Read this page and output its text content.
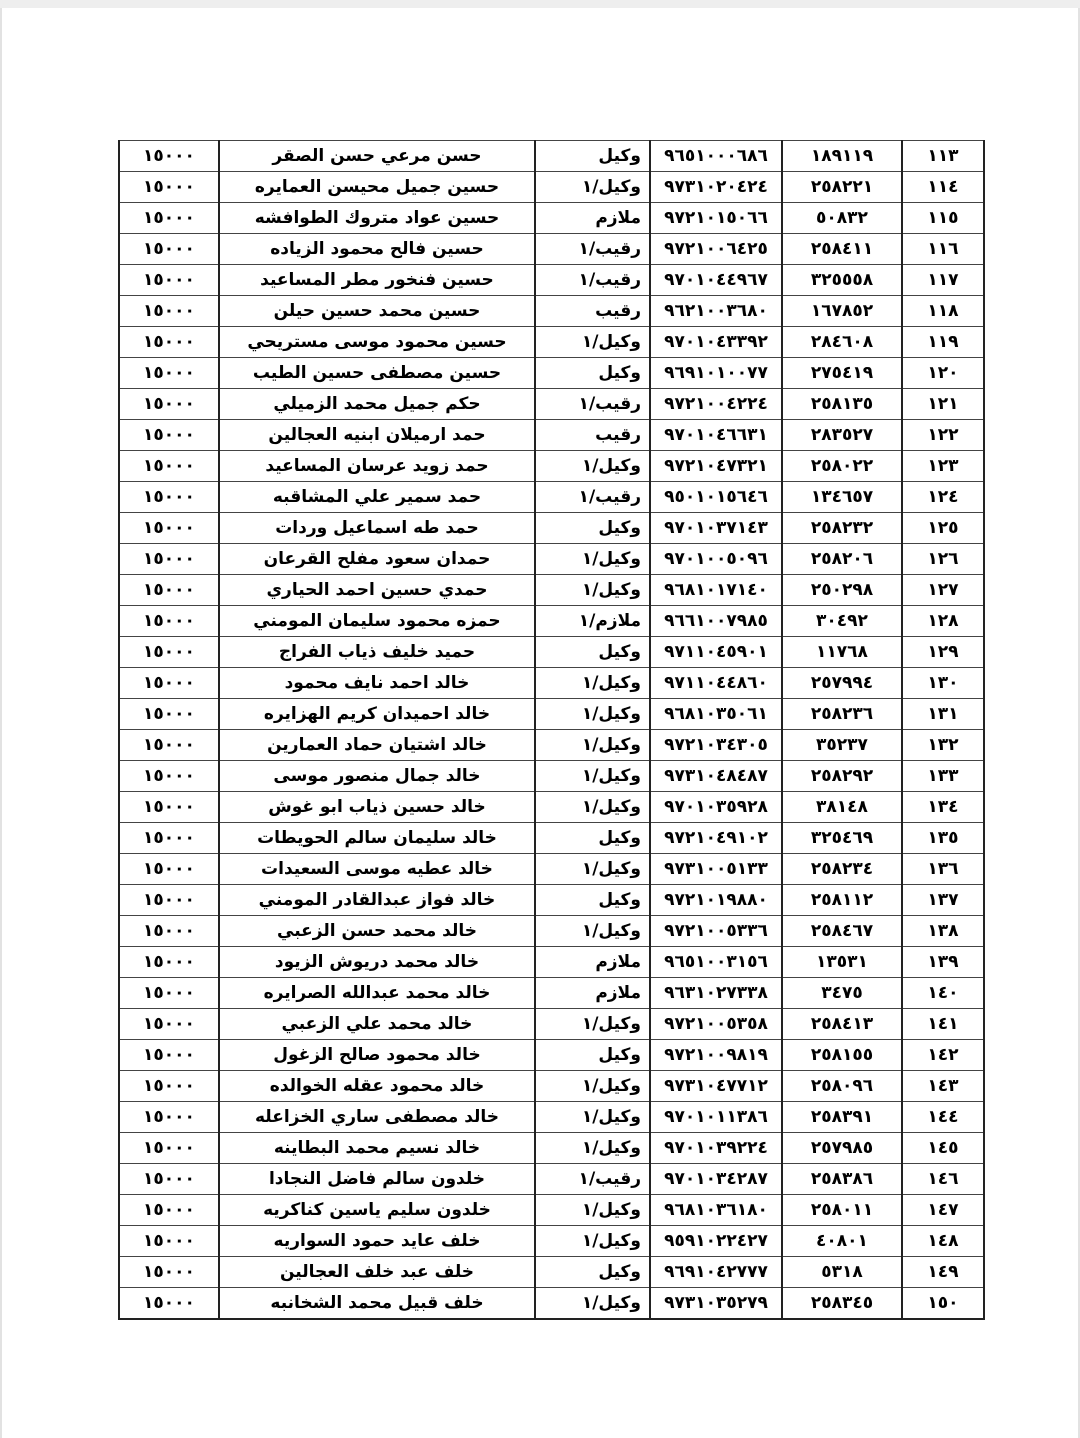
١١٣	١٨٩١١٩	٩٦٥١٠٠٠٦٨٦	وكيل	حسن مرعي حسن الصقر	١٥٠٠٠
١١٤	٢٥٨٢٢١	٩٧٣١٠٢٠٤٢٤	وكيل/١	حسين جميل محيسن العمايره	١٥٠٠٠
١١٥	٥٠٨٣٢	٩٧٢١٠١٥٠٦٦	ملازم	حسين عواد متروك الطوافشه	١٥٠٠٠
١١٦	٢٥٨٤١١	٩٧٢١٠٠٦٤٢٥	رقيب/١	حسين فالح محمود الزياده	١٥٠٠٠
١١٧	٣٢٥٥٥٨	٩٧٠١٠٤٤٩٦٧	رقيب/١	حسين فنخور مطر المساعيد	١٥٠٠٠
١١٨	١٦٧٨٥٢	٩٦٢١٠٠٣٦٨٠	رقيب	حسين محمد حسين حيلن	١٥٠٠٠
١١٩	٢٨٤٦٠٨	٩٧٠١٠٤٣٣٩٢	وكيل/١	حسين محمود موسى مستريحي	١٥٠٠٠
١٢٠	٢٧٥٤١٩	٩٦٩١٠١٠٠٧٧	وكيل	حسين مصطفى حسين الطيب	١٥٠٠٠
١٢١	٢٥٨١٣٥	٩٧٢١٠٠٤٢٢٤	رقيب/١	حكم جميل محمد الزميلي	١٥٠٠٠
١٢٢	٢٨٣٥٢٧	٩٧٠١٠٤٦٦٣١	رقيب	حمد ارميلان ابنيه العجالين	١٥٠٠٠
١٢٣	٢٥٨٠٢٢	٩٧٢١٠٤٧٣٢١	وكيل/١	حمد زويد عرسان المساعيد	١٥٠٠٠
١٢٤	١٣٤٦٥٧	٩٥٠١٠١٥٦٤٦	رقيب/١	حمد سمير علي المشاقبه	١٥٠٠٠
١٢٥	٢٥٨٢٣٢	٩٧٠١٠٣٧١٤٣	وكيل	حمد طه اسماعيل وردات	١٥٠٠٠
١٢٦	٢٥٨٢٠٦	٩٧٠١٠٠٥٠٩٦	وكيل/١	حمدان سعود مفلح القرعان	١٥٠٠٠
١٢٧	٢٥٠٢٩٨	٩٦٨١٠١٧١٤٠	وكيل/١	حمدي حسين احمد الحياري	١٥٠٠٠
١٢٨	٣٠٤٩٢	٩٦٦١٠٠٧٩٨٥	ملازم/١	حمزه محمود سليمان المومني	١٥٠٠٠
١٢٩	١١٧٦٨	٩٧١١٠٤٥٩٠١	وكيل	حميد خليف ذياب الفراج	١٥٠٠٠
١٣٠	٢٥٧٩٩٤	٩٧١١٠٤٤٨٦٠	وكيل/١	خالد احمد نايف محمود	١٥٠٠٠
١٣١	٢٥٨٢٣٦	٩٦٨١٠٣٥٠٦١	وكيل/١	خالد احميدان كريم الهزايره	١٥٠٠٠
١٣٢	٣٥٢٣٧	٩٧٢١٠٣٤٣٠٥	وكيل/١	خالد اشتيان حماد العمارين	١٥٠٠٠
١٣٣	٢٥٨٢٩٢	٩٧٣١٠٤٨٤٨٧	وكيل/١	خالد جمال منصور موسى	١٥٠٠٠
١٣٤	٣٨١٤٨	٩٧٠١٠٣٥٩٢٨	وكيل/١	خالد حسين ذياب ابو غوش	١٥٠٠٠
١٣٥	٣٢٥٤٦٩	٩٧٢١٠٤٩١٠٢	وكيل	خالد سليمان سالم الحويطات	١٥٠٠٠
١٣٦	٢٥٨٢٣٤	٩٧٣١٠٠٥١٣٣	وكيل/١	خالد عطيه موسى السعيدات	١٥٠٠٠
١٣٧	٢٥٨١١٢	٩٧٢١٠١٩٨٨٠	وكيل	خالد فواز عبدالقادر المومني	١٥٠٠٠
١٣٨	٢٥٨٤٦٧	٩٧٢١٠٠٥٣٣٦	وكيل/١	خالد محمد حسن الزعبي	١٥٠٠٠
١٣٩	١٣٥٣١	٩٦٥١٠٠٣١٥٦	ملازم	خالد محمد دريوش الزيود	١٥٠٠٠
١٤٠	٣٤٧٥	٩٦٣١٠٢٧٣٣٨	ملازم	خالد محمد عبدالله الصرايره	١٥٠٠٠
١٤١	٢٥٨٤١٣	٩٧٢١٠٠٥٣٥٨	وكيل/١	خالد محمد علي الزعبي	١٥٠٠٠
١٤٢	٢٥٨١٥٥	٩٧٢١٠٠٩٨١٩	وكيل	خالد محمود صالح الزغول	١٥٠٠٠
١٤٣	٢٥٨٠٩٦	٩٧٣١٠٤٧٧١٢	وكيل/١	خالد محمود عقله الخوالده	١٥٠٠٠
١٤٤	٢٥٨٣٩١	٩٧٠١٠١١٣٨٦	وكيل/١	خالد مصطفى ساري الخزاعله	١٥٠٠٠
١٤٥	٢٥٧٩٨٥	٩٧٠١٠٣٩٢٢٤	وكيل/١	خالد نسيم محمد البطاينه	١٥٠٠٠
١٤٦	٢٥٨٣٨٦	٩٧٠١٠٣٤٢٨٧	رقيب/١	خلدون سالم فاضل النجادا	١٥٠٠٠
١٤٧	٢٥٨٠١١	٩٦٨١٠٣٦١٨٠	وكيل/١	خلدون سليم ياسين كناكريه	١٥٠٠٠
١٤٨	٤٠٨٠١	٩٥٩١٠٢٢٤٢٧	وكيل/١	خلف عايد حمود السواريه	١٥٠٠٠
١٤٩	٥٣١٨	٩٦٩١٠٤٢٧٧٧	وكيل	خلف عبد خلف العجالين	١٥٠٠٠
١٥٠	٢٥٨٣٤٥	٩٧٣١٠٣٥٢٧٩	وكيل/١	خلف قبيل محمد الشخانبه	١٥٠٠٠
